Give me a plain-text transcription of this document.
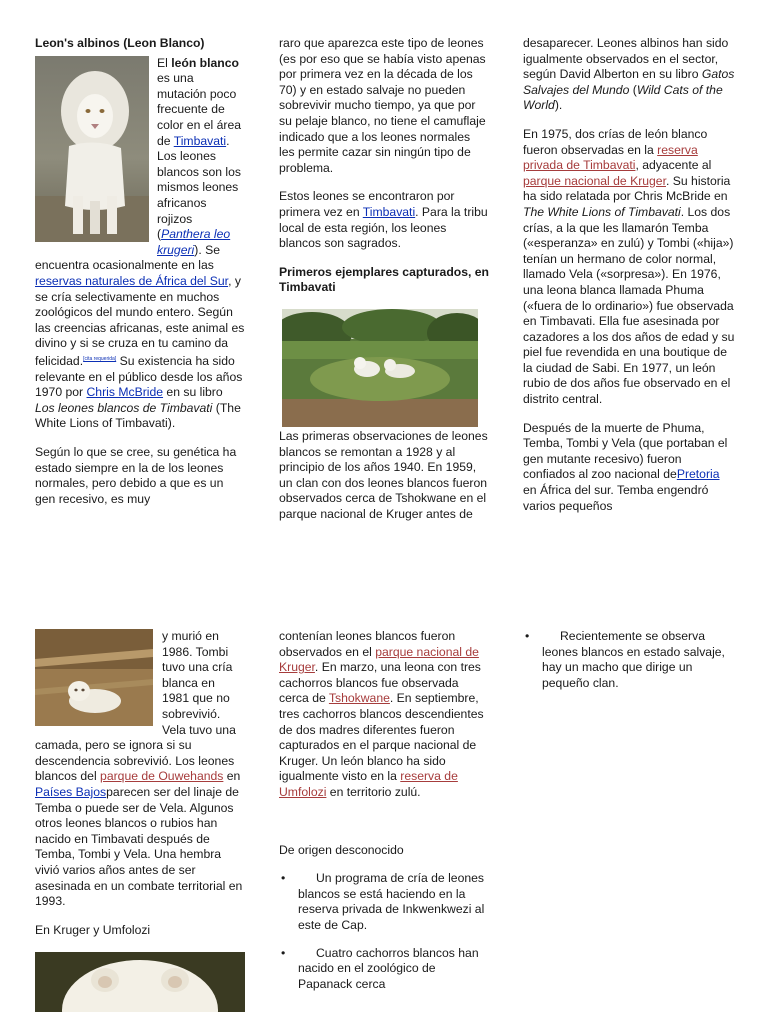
Leon's albinos (Leon Blanco)

El león blanco es una mutación poco frecuente de color en el área de Timbavati. Los leones blancos son los mismos leones africanos rojizos (Panthera leo krugeri). Se encuentra ocasionalmente en las reservas naturales de África del Sur, y se cría selectivamente en muchos zoológicos del mundo entero. Según las creencias africanas, este animal es divino y si se cruza en tu camino da felicidad.[cita requerida] Su existencia ha sido relevante en el público desde los años 1970 por Chris McBride en su libro Los leones blancos de Timbavati (The White Lions of Timbavati).

Según lo que se cree, su genética ha estado siempre en la de los leones normales, pero debido a que es un gen recesivo, es muy

raro que aparezca este tipo de leones (es por eso que se había visto apenas por primera vez en la década de los 70) y en estado salvaje no pueden sobrevivir mucho tiempo, ya que por su pelaje blanco, no tiene el camuflaje indicado que a los leones normales les permite cazar sin ningún tipo de problema.

Estos leones se encontraron por primera vez en Timbavati. Para la tribu local de esta región, los leones blancos son sagrados.

Primeros ejemplares capturados, en Timbavati

Las primeras observaciones de leones blancos se remontan a 1928 y al principio de los años 1940. En 1959, un clan con dos leones blancos fueron observados cerca de Tshokwane en el parque nacional de Kruger antes de

desaparecer. Leones albinos han sido igualmente observados en el sector, según David Alberton en su libro Gatos Salvajes del Mundo (Wild Cats of the World).

En 1975, dos crías de león blanco fueron observadas en la reserva privada de Timbavati, adyacente al parque nacional de Kruger. Su historia ha sido relatada por Chris McBride en The White Lions of Timbavati. Los dos crías, a la que les llamarón Temba («esperanza» en zulú) y Tombi («hija») tenían un hermano de color normal, llamado Vela («sorpresa»). En 1976, una leona blanca llamada Phuma («fuera de lo ordinario») fue observada en Timbavati. Ella fue asesinada por cazadores a los dos años de edad y su piel fue revendida en una boutique de la ciudad de Sabi. En 1977, un león rubio de dos años fue observado en el distrito central.

Después de la muerte de Phuma, Temba, Tombi y Vela (que portaban el gen mutante recesivo) fueron confiados al zoo nacional dePretoria en África del sur. Temba engendró varios pequeños

y murió en 1986. Tombi tuvo una cría blanca en 1981 que no sobrevivió. Vela tuvo una camada, pero se ignora si su descendencia sobrevivió. Los leones blancos del parque de Ouwehands en Países Bajosparecen ser del linaje de Temba o puede ser de Vela. Algunos otros leones blancos o rubios han nacido en Timbavati después de Temba, Tombi y Vela. Una hembra vivió varios años antes de ser asesinada en un combate territorial en 1993.

En Kruger y Umfolozi

contenían leones blancos fueron observados en el parque nacional de Kruger. En marzo, una leona con tres cachorros blancos fue observada cerca de Tshokwane. En septiembre, tres cachorros blancos descendientes de dos madres diferentes fueron capturados en el parque nacional de Kruger. Un león blanco ha sido igualmente visto en la reserva de Umfolozi en territorio zulú.

De origen desconocido
• Un programa de cría de leones blancos se está haciendo en la reserva privada de Inkwenkwezi al este de Cap.
• Cuatro cachorros blancos han nacido en el zoológico de Papanack cerca
• Recientemente se observa leones blancos en estado salvaje, hay un macho que dirige un pequeño clan.
